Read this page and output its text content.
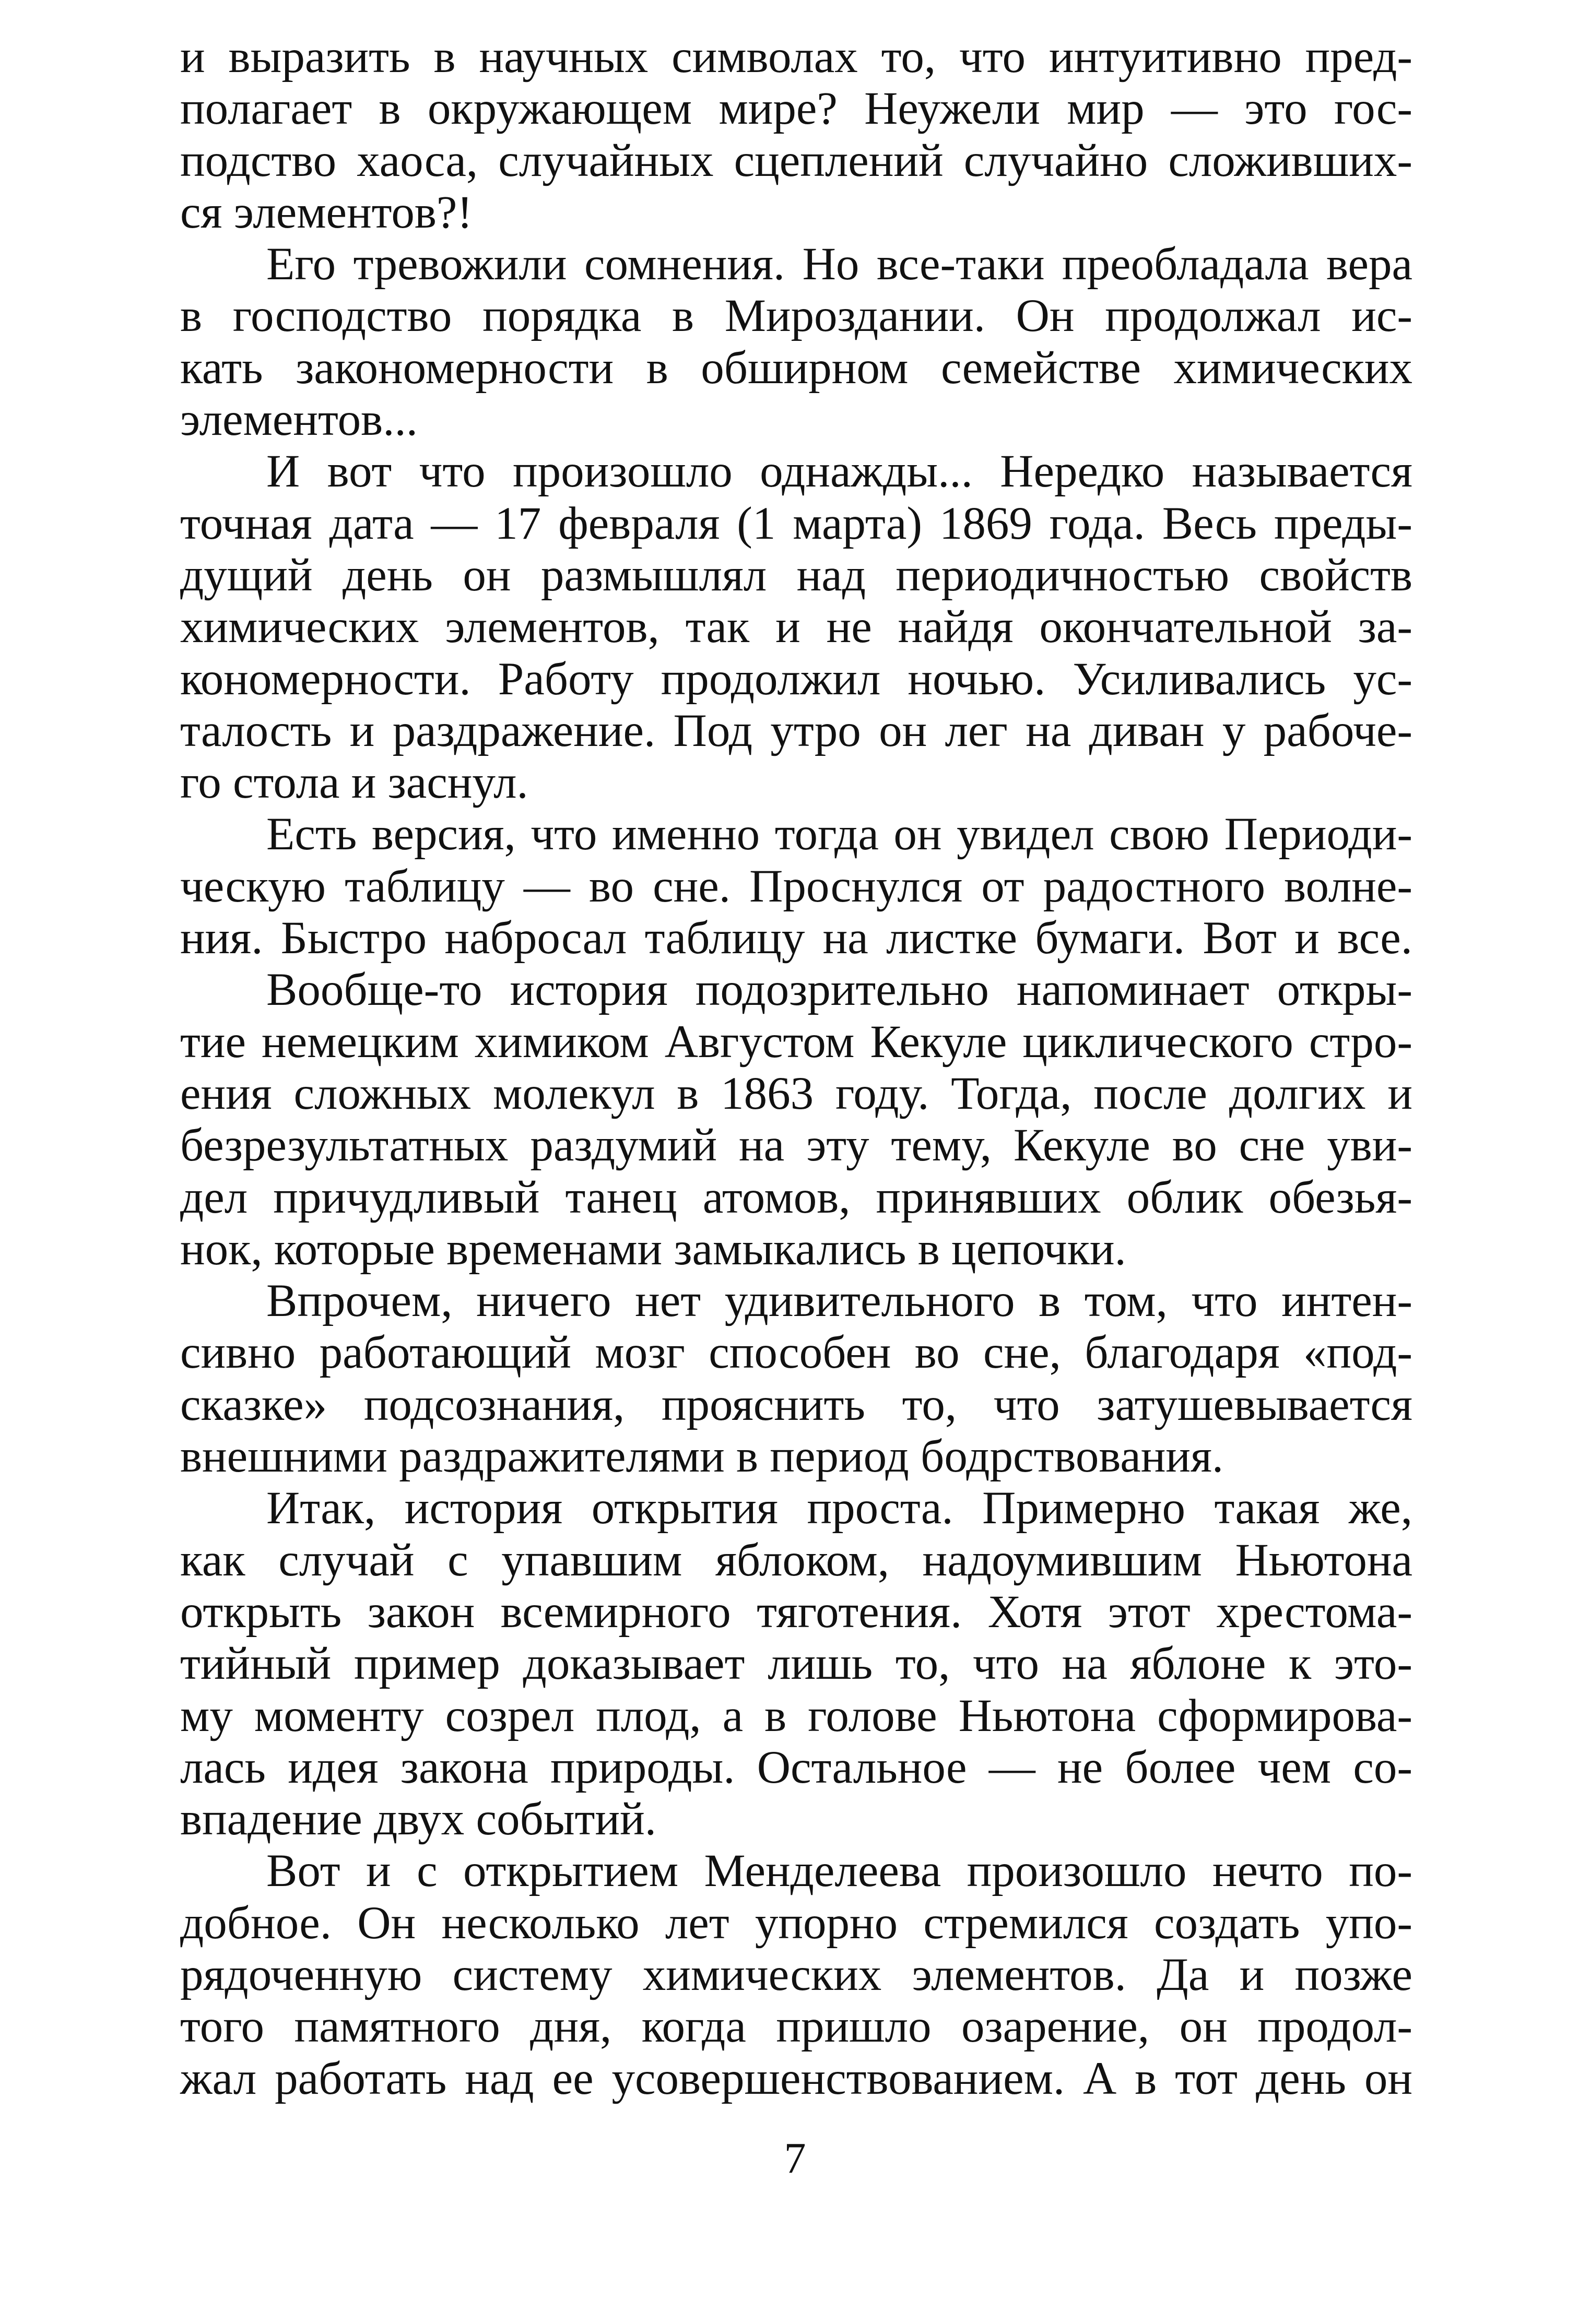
и выразить в научных символах то, что интуитивно пред-
полагает в окружающем мире? Неужели мир — это гос-
подство хаоса, случайных сцеплений случайно сложивших-
ся элементов?!
Его тревожили сомнения. Но все-таки преобладала вера
в господство порядка в Мироздании. Он продолжал ис-
кать закономерности в обширном семействе химических
элементов...
И вот что произошло однажды... Нередко называется
точная дата — 17 февраля (1 марта) 1869 года. Весь преды-
дущий день он размышлял над периодичностью свойств
химических элементов, так и не найдя окончательной за-
кономерности. Работу продолжил ночью. Усиливались ус-
талость и раздражение. Под утро он лег на диван у рабоче-
го стола и заснул.
Есть версия, что именно тогда он увидел свою Периоди-
ческую таблицу — во сне. Проснулся от радостного волне-
ния. Быстро набросал таблицу на листке бумаги. Вот и все.
Вообще-то история подозрительно напоминает откры-
тие немецким химиком Августом Кекуле циклического стро-
ения сложных молекул в 1863 году. Тогда, после долгих и
безрезультатных раздумий на эту тему, Кекуле во сне уви-
дел причудливый танец атомов, принявших облик обезья-
нок, которые временами замыкались в цепочки.
Впрочем, ничего нет удивительного в том, что интен-
сивно работающий мозг способен во сне, благодаря «под-
сказке» подсознания, прояснить то, что затушевывается
внешними раздражителями в период бодрствования.
Итак, история открытия проста. Примерно такая же,
как случай с упавшим яблоком, надоумившим Ньютона
открыть закон всемирного тяготения. Хотя этот хрестома-
тийный пример доказывает лишь то, что на яблоне к это-
му моменту созрел плод, а в голове Ньютона сформирова-
лась идея закона природы. Остальное — не более чем со-
впадение двух событий.
Вот и с открытием Менделеева произошло нечто по-
добное. Он несколько лет упорно стремился создать упо-
рядоченную систему химических элементов. Да и позже
того памятного дня, когда пришло озарение, он продол-
жал работать над ее усовершенствованием. А в тот день он
7
